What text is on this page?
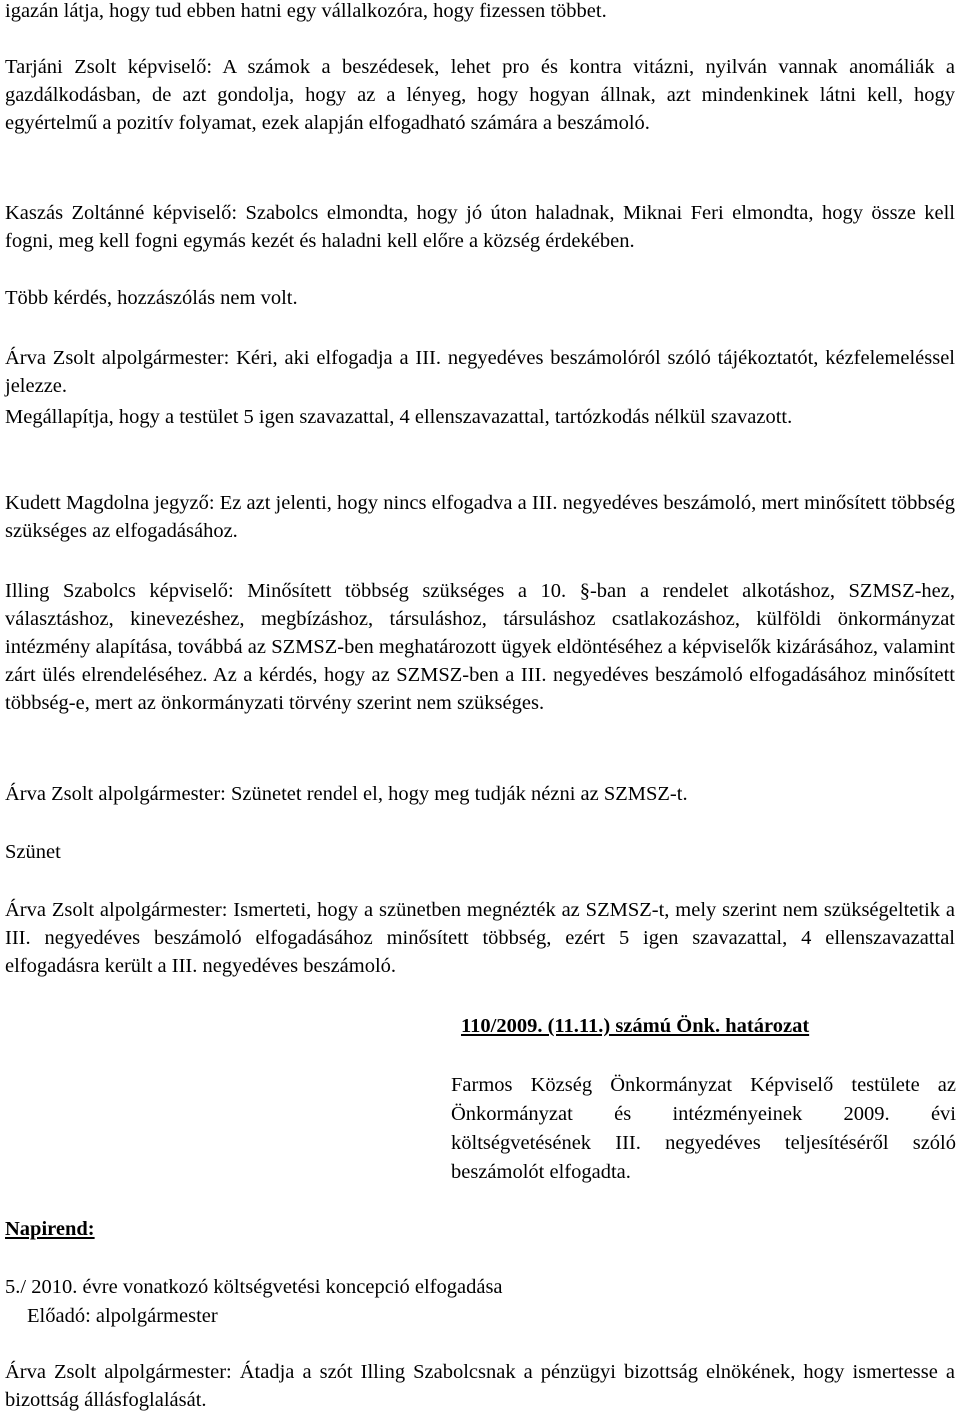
igazán látja, hogy tud ebben hatni egy vállalkozóra, hogy fizessen többet.

Tarjáni Zsolt képviselő: A számok a beszédesek, lehet pro és kontra vitázni, nyilván vannak anomáliák a gazdálkodásban, de azt gondolja, hogy az a lényeg, hogy hogyan állnak, azt mindenkinek látni kell, hogy egyértelmű a pozitív folyamat, ezek alapján elfogadható számára a beszámoló.

Kaszás Zoltánné képviselő: Szabolcs elmondta, hogy jó úton haladnak, Miknai Feri elmondta, hogy össze kell fogni, meg kell fogni egymás kezét és haladni kell előre a község érdekében.

Több kérdés, hozzászólás nem volt.

Árva Zsolt alpolgármester: Kéri, aki elfogadja a III. negyedéves beszámolóról szóló tájékoztatót, kézfelemeléssel jelezze.

Megállapítja, hogy a testület 5 igen szavazattal, 4 ellenszavazattal, tartózkodás nélkül szavazott.

Kudett Magdolna jegyző: Ez azt jelenti, hogy nincs elfogadva a III. negyedéves beszámoló, mert minősített többség szükséges az elfogadásához.

Illing Szabolcs képviselő: Minősített többség szükséges a 10. §-ban a rendelet alkotáshoz, SZMSZ-hez, választáshoz, kinevezéshez, megbízáshoz, társuláshoz, társuláshoz csatlakozáshoz, külföldi önkormányzat intézmény alapítása, továbbá az SZMSZ-ben meghatározott ügyek eldöntéséhez a képviselők kizárásához, valamint zárt ülés elrendeléséhez. Az a kérdés, hogy az SZMSZ-ben a III. negyedéves beszámoló elfogadásához minősített többség-e, mert az önkormányzati törvény szerint nem szükséges.

Árva Zsolt alpolgármester: Szünetet rendel el, hogy meg tudják nézni az SZMSZ-t.

Szünet

Árva Zsolt alpolgármester: Ismerteti, hogy a szünetben megnézték az SZMSZ-t, mely szerint nem szükségeltetik a III. negyedéves beszámoló elfogadásához minősített többség, ezért 5 igen szavazattal, 4 ellenszavazattal elfogadásra került a III. negyedéves beszámoló.

110/2009. (11.11.) számú Önk. határozat

Farmos Község Önkormányzat Képviselő testülete az Önkormányzat és intézményeinek 2009. évi költségvetésének III. negyedéves teljesítéséről szóló beszámolót elfogadta.

Napirend:

5./ 2010. évre vonatkozó költségvetési koncepció elfogadása

Előadó: alpolgármester

Árva Zsolt alpolgármester: Átadja a szót Illing Szabolcsnak a pénzügyi bizottság elnökének, hogy ismertesse a bizottság állásfoglalását.
